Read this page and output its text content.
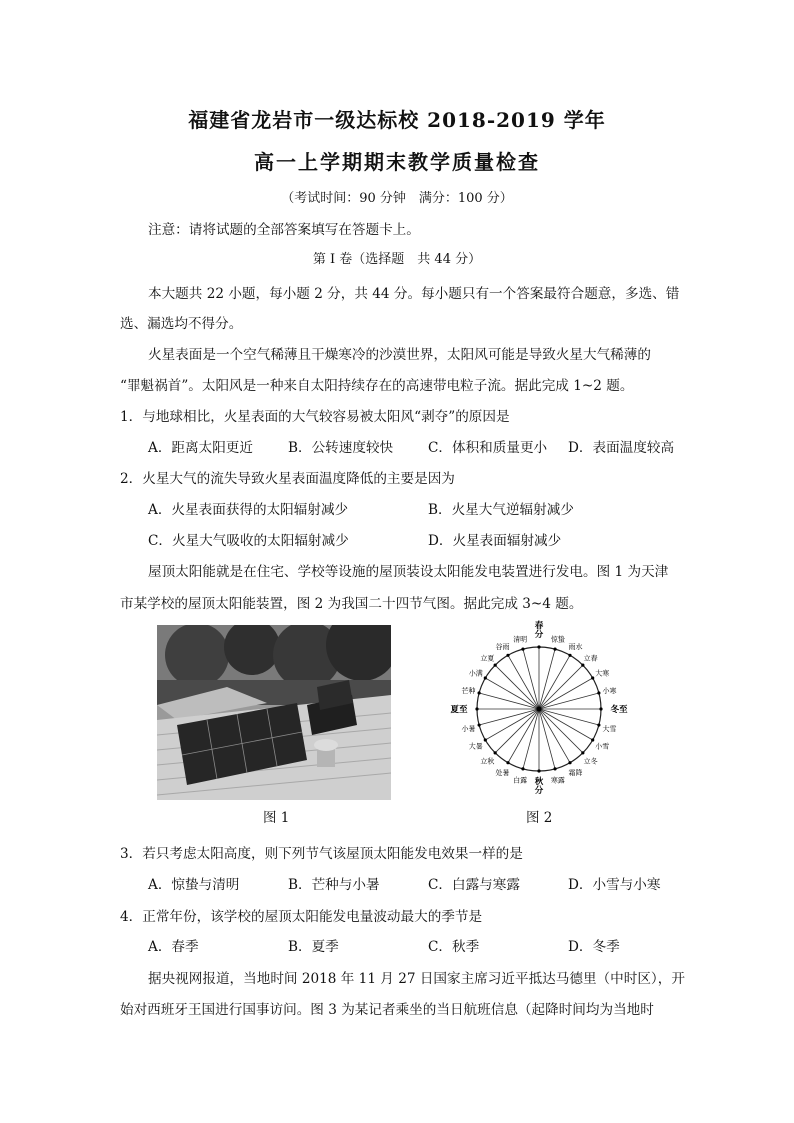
福建省龙岩市一级达标校 2018-2019 学年
高一上学期期末教学质量检查
（考试时间：90 分钟　满分：100 分）
注意：请将试题的全部答案填写在答题卡上。
第 I 卷（选择题　共 44 分）
本大题共 22 小题，每小题 2 分，共 44 分。每小题只有一个答案最符合题意，多选、错
选、漏选均不得分。
火星表面是一个空气稀薄且干燥寒冷的沙漠世界，太阳风可能是导致火星大气稀薄的
“罪魁祸首”。太阳风是一种来自太阳持续存在的高速带电粒子流。据此完成 1~2 题。
1．与地球相比，火星表面的大气较容易被太阳风“剥夺”的原因是
A．距离太阳更近	B．公转速度较快	C．体积和质量更小 D．表面温度较高
2．火星大气的流失导致火星表面温度降低的主要是因为
A．火星表面获得的太阳辐射减少	B．火星大气逆辐射减少
C．火星大气吸收的太阳辐射减少	D．火星表面辐射减少
屋顶太阳能就是在住宅、学校等设施的屋顶装设太阳能发电装置进行发电。图 1 为天津
市某学校的屋顶太阳能装置，图 2 为我国二十四节气图。据此完成 3~4 题。
图 1
春分 惊蛰
雨水
立春
大寒
小寒
冬至
大雪
小雪
立冬
霜降
寒露
秋分
白露
处暑
立秋
大暑
小暑
夏至
芒种
小满
立夏
谷雨
清明
图 2
3．若只考虑太阳高度，则下列节气该屋顶太阳能发电效果一样的是
A．惊蛰与清明	B．芒种与小暑	C．白露与寒露	D．小雪与小寒
4．正常年份，该学校的屋顶太阳能发电量波动最大的季节是
A．春季	B．夏季	C．秋季	D．冬季
据央视网报道，当地时间 2018 年 11 月 27 日国家主席习近平抵达马德里（中时区），开
始对西班牙王国进行国事访问。图 3 为某记者乘坐的当日航班信息（起降时间均为当地时
